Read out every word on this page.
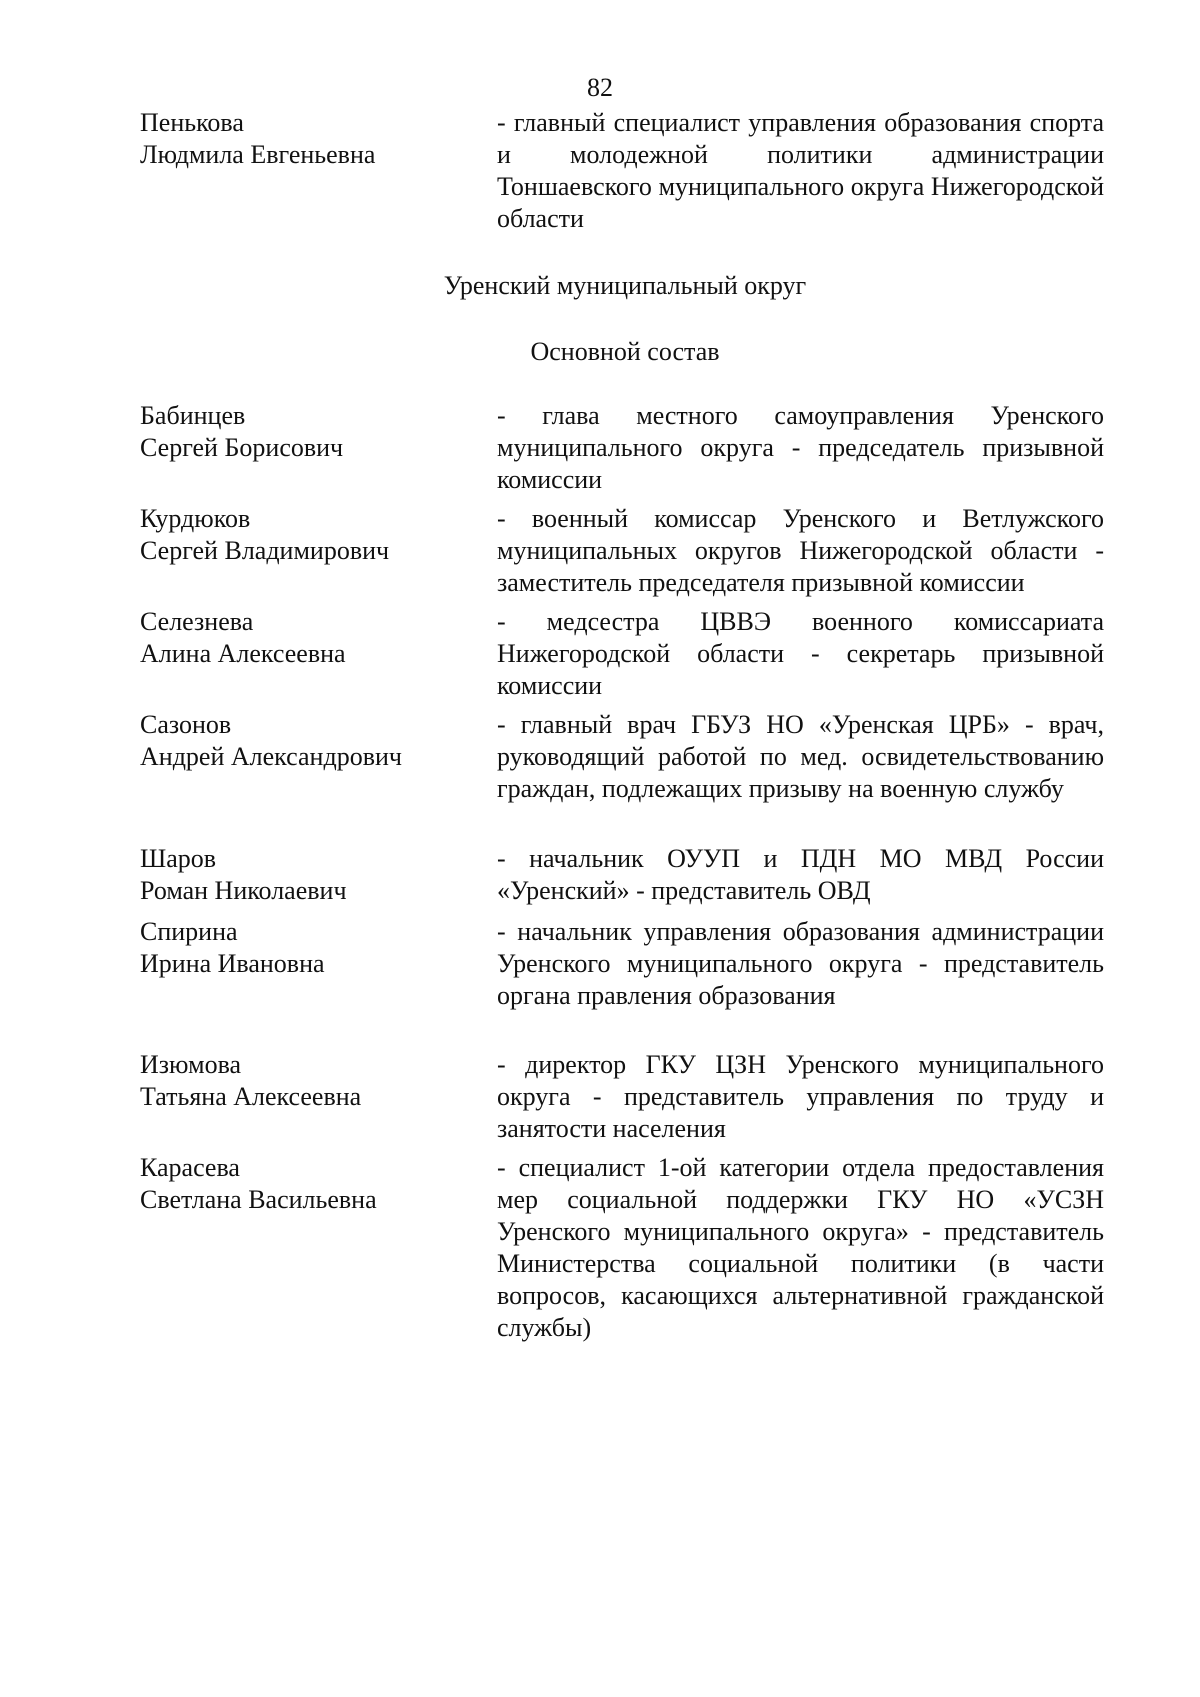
82
Пенькова
Людмила Евгеньевна
- главный специалист управления образования спорта и молодежной политики администрации Тоншаевского муниципального округа Нижегородской области
Уренский муниципальный округ
Основной состав
Бабинцев
Сергей Борисович
- глава местного самоуправления Уренского муниципального округа - председатель призывной комиссии
Курдюков
Сергей Владимирович
- военный комиссар Уренского и Ветлужского муниципальных округов Нижегородской области - заместитель председателя призывной комиссии
Селезнева
Алина Алексеевна
- медсестра ЦВВЭ военного комиссариата Нижегородской области - секретарь призывной комиссии
Сазонов
Андрей Александрович
- главный врач ГБУЗ НО «Уренская ЦРБ» - врач, руководящий работой по мед. освидетельствованию граждан, подлежащих призыву на военную службу
Шаров
Роман Николаевич
- начальник ОУУП и ПДН МО МВД России «Уренский» - представитель ОВД
Спирина
Ирина Ивановна
- начальник управления образования администрации Уренского муниципального округа - представитель органа правления образования
Изюмова
Татьяна Алексеевна
- директор ГКУ ЦЗН Уренского муниципального округа - представитель управления по труду и занятости населения
Карасева
Светлана Васильевна
- специалист 1-ой категории отдела предоставления мер социальной поддержки ГКУ НО «УСЗН Уренского муниципального округа» - представитель Министерства социальной политики (в части вопросов, касающихся альтернативной гражданской службы)
